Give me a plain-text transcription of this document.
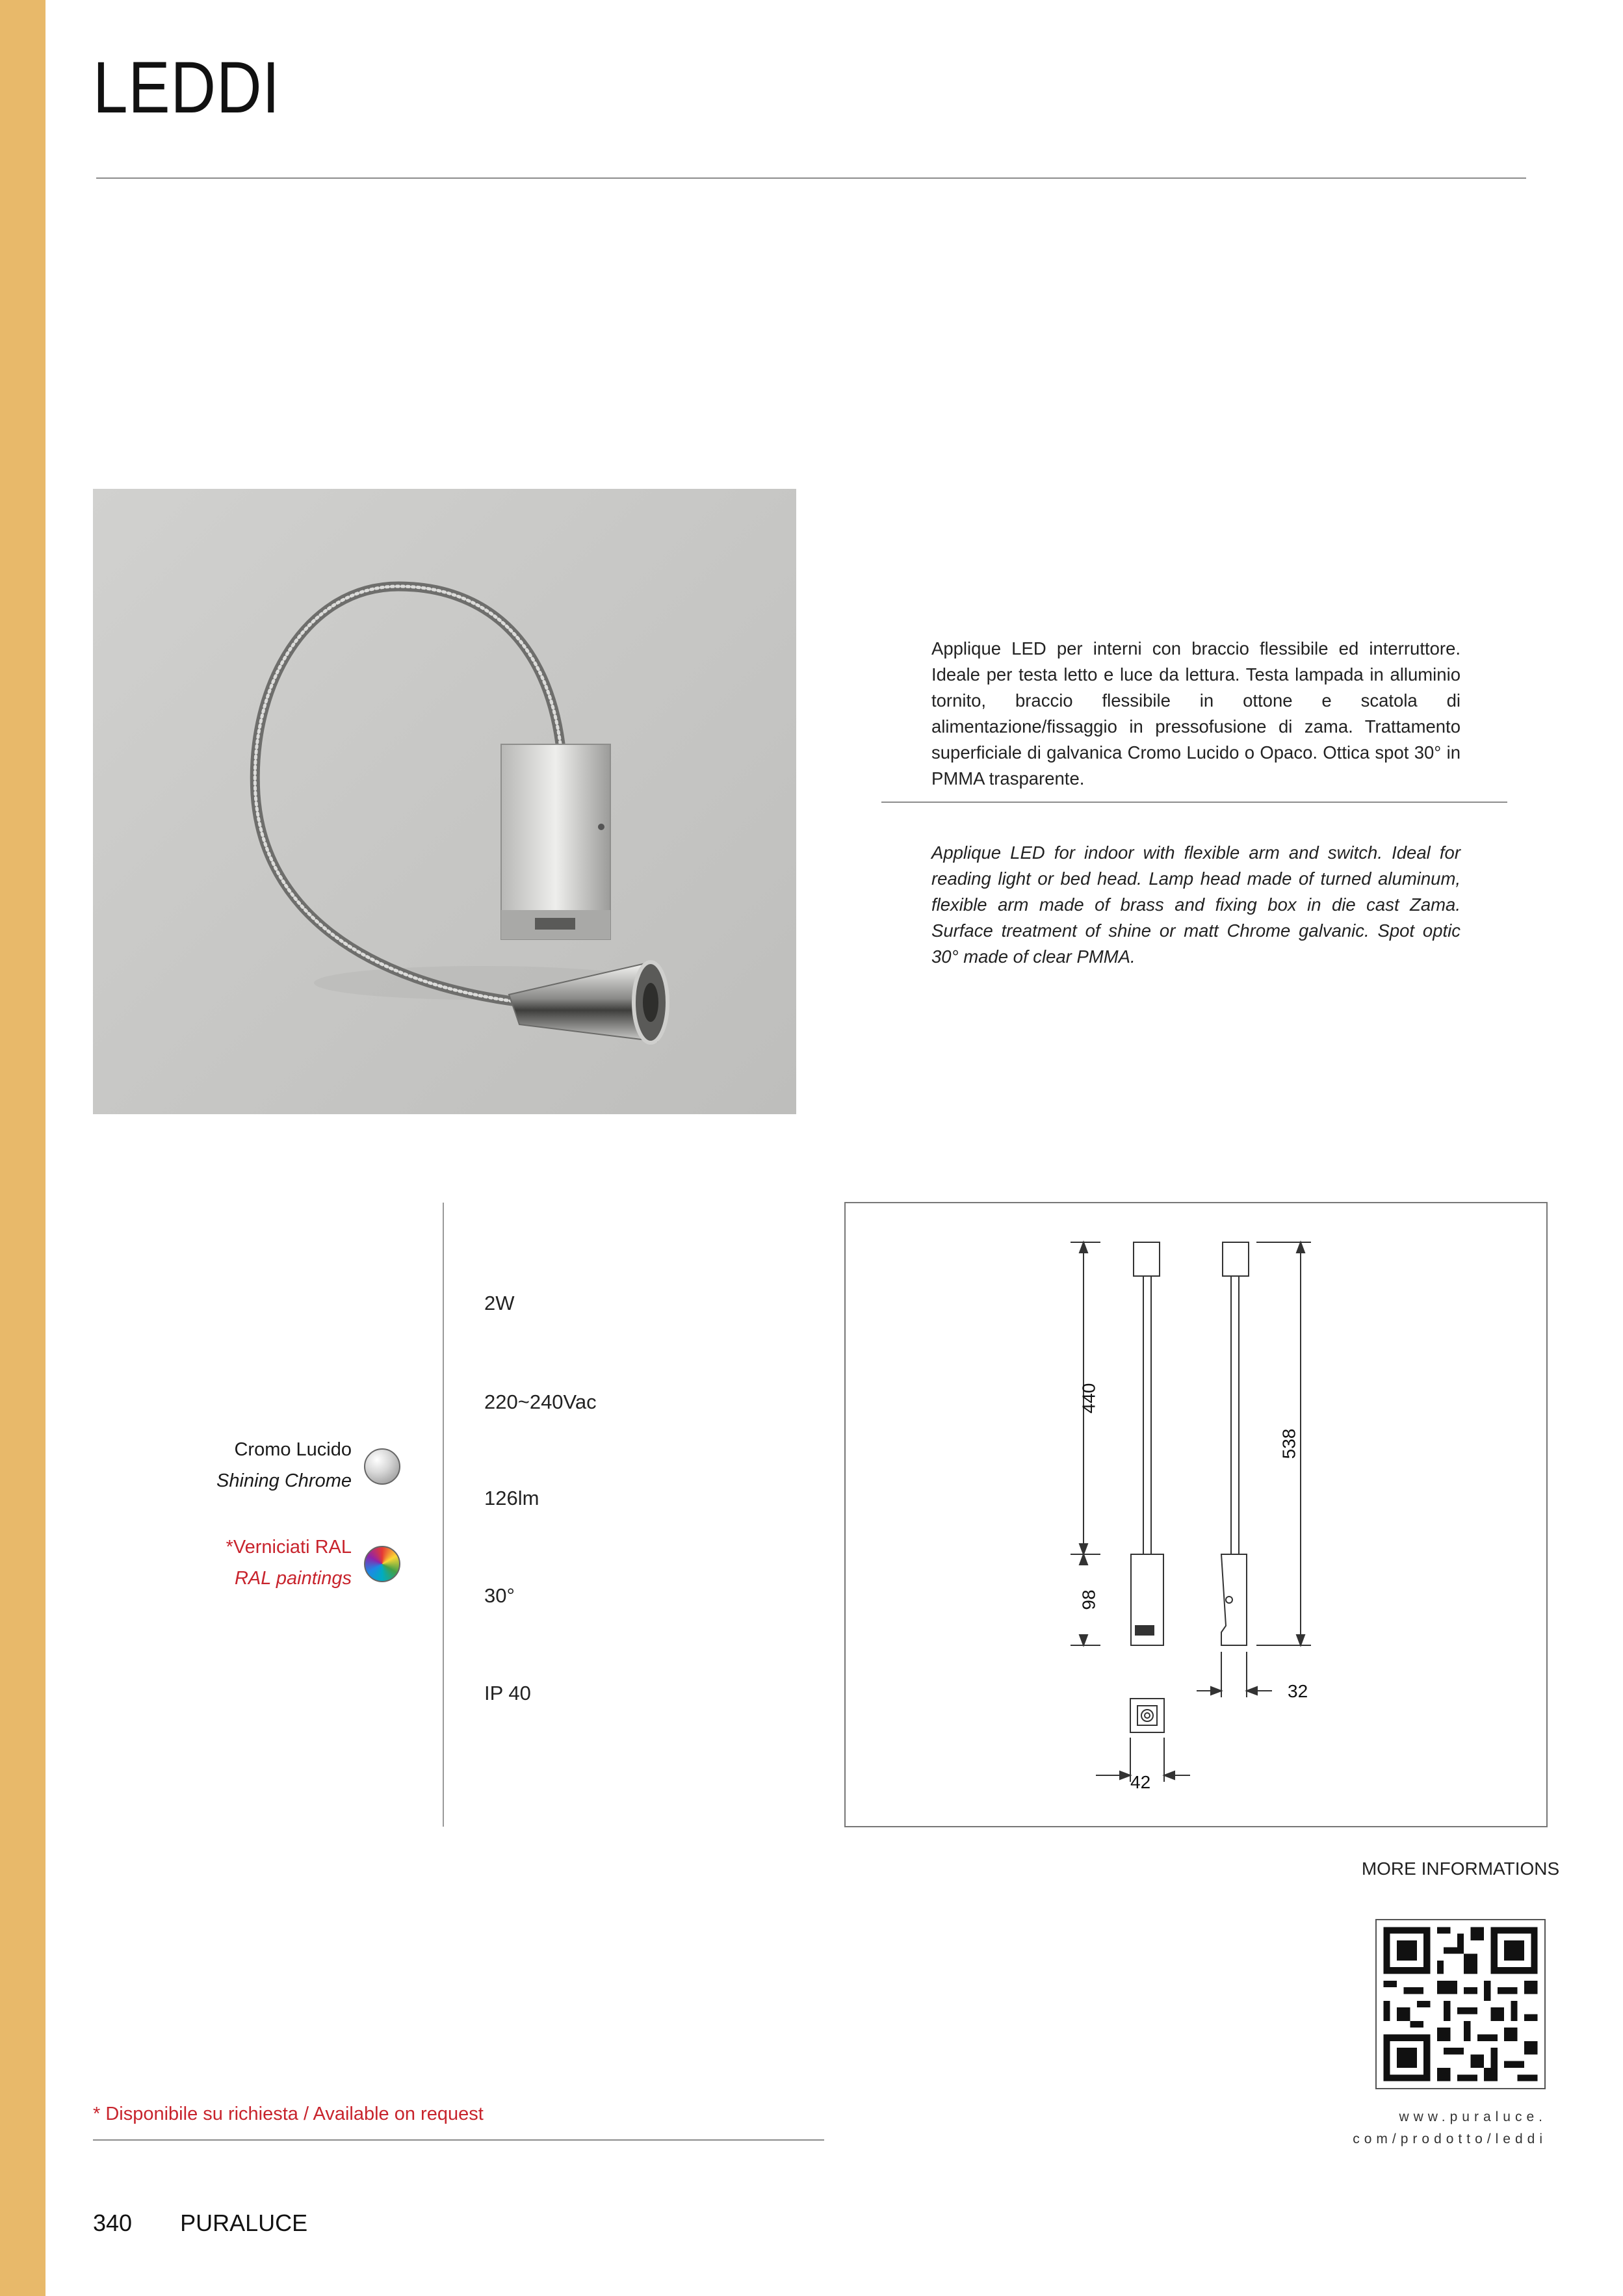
LEDDI
Applique LED per interni con braccio flessibile ed interruttore. Ideale per testa letto e luce da lettura. Testa lampada in alluminio tornito, braccio flessibile in ottone e scatola di alimentazione/fissaggio in pressofusione di zama. Trattamento superficiale di galvanica Cromo Lucido o Opaco. Ottica spot 30° in PMMA trasparente.
Applique LED for indoor with flexible arm and switch. Ideal for reading light or bed head. Lamp head made of turned aluminum, flexible arm made of brass and fixing box in die cast Zama. Surface treatment of shine or matt Chrome galvanic. Spot optic 30° made of clear PMMA.
Cromo Lucido
Shining Chrome
*Verniciati RAL
RAL paintings
2W
220~240Vac
126lm
30°
IP 40
440
538
98
32
42
MORE INFORMATIONS
www.puraluce.
com/prodotto/leddi
* Disponibile su richiesta / Available on request
340 PURALUCE
